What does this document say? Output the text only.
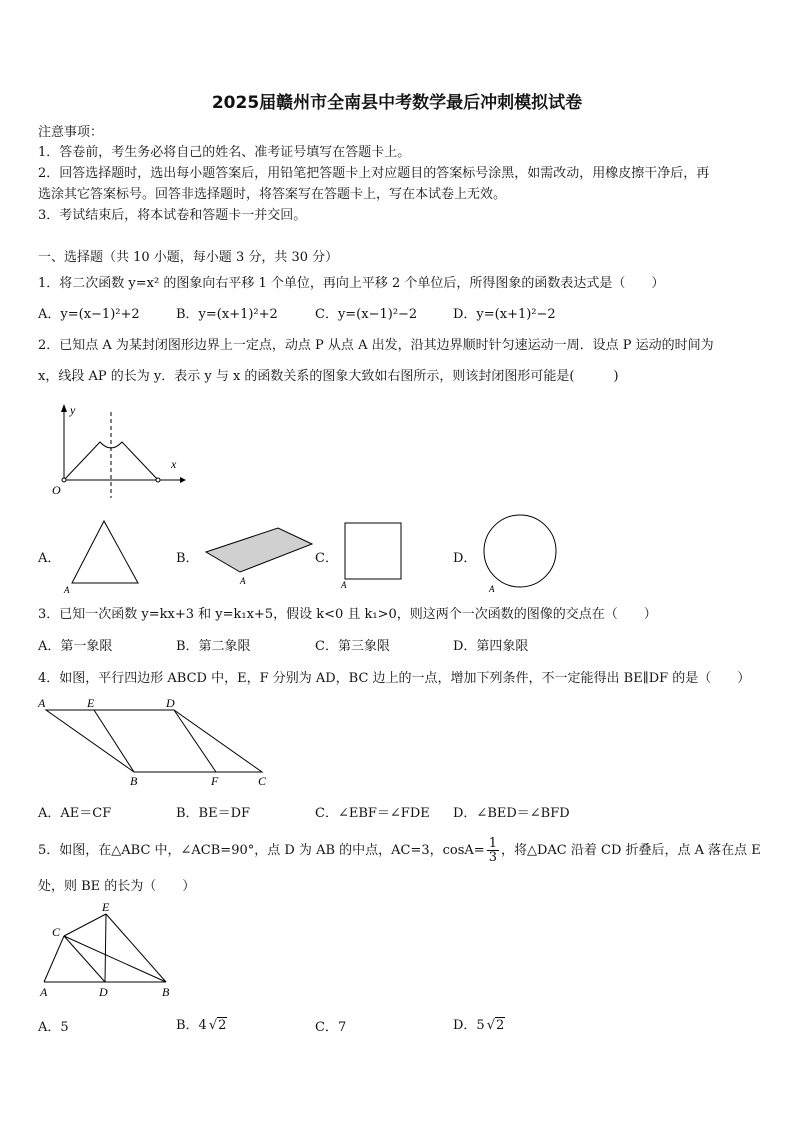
2025届赣州市全南县中考数学最后冲刺模拟试卷
注意事项：
1．答卷前，考生务必将自己的姓名、准考证号填写在答题卡上。
2．回答选择题时，选出每小题答案后，用铅笔把答题卡上对应题目的答案标号涂黑，如需改动，用橡皮擦干净后，再
选涂其它答案标号。回答非选择题时，将答案写在答题卡上，写在本试卷上无效。
3．考试结束后，将本试卷和答题卡一并交回。
一、选择题（共 10 小题，每小题 3 分，共 30 分）
1．将二次函数 y=x² 的图象向右平移 1 个单位，再向上平移 2 个单位后，所得图象的函数表达式是（　　）
A．y=(x−1)²+2	B．y=(x+1)²+2	C．y=(x−1)²−2	D．y=(x+1)²−2
2．已知点 A 为某封闭图形边界上一定点，动点 P 从点 A 出发，沿其边界顺时针匀速运动一周．设点 P 运动的时间为
x，线段 AP 的长为 y．表示 y 与 x 的函数关系的图象大致如右图所示，则该封闭图形可能是(　　　)
y
x
O
A．
A
B．
A
C．
A
D．
A
3．已知一次函数 y=kx+3 和 y=k₁x+5，假设 k<0 且 k₁>0，则这两个一次函数的图像的交点在（　　）
A．第一象限	B．第二象限	C．第三象限	D．第四象限
4．如图，平行四边形 ABCD 中，E，F 分别为 AD，BC 边上的一点，增加下列条件，不一定能得出 BE∥DF 的是（　　）
A	E	D
B	F	C
A．AE＝CF	B．BE＝DF	C．∠EBF＝∠FDE D．∠BED＝∠BFD
5．如图，在△ABC 中，∠ACB=90°，点 D 为 AB 的中点，AC=3，$\cos A= \frac{1}{3}$ ，将△DAC 沿着 CD 折叠后，点 A 落在点 E
处，则 BE 的长为（　　）
E
C
A	D	B
A．5	B．4 √2	C．7	D．5 √2
